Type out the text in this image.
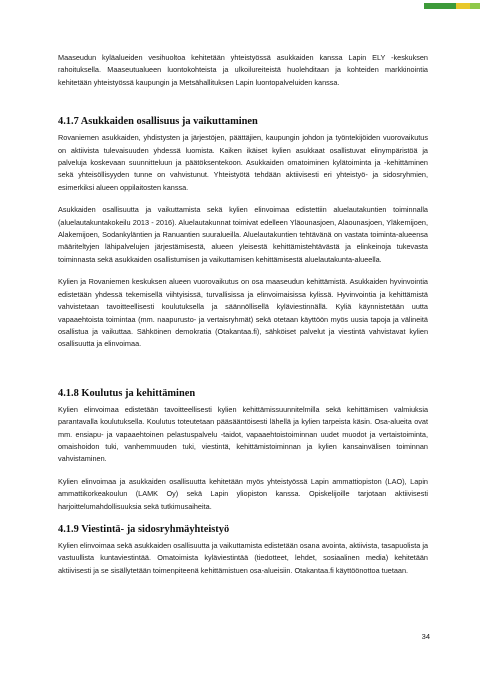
Maaseudun kyläalueiden vesihuoltoa kehitetään yhteistyössä asukkaiden kanssa Lapin ELY -keskuksen rahoituksella. Maaseutualueen luontokohteista ja ulkoilureiteistä huolehditaan ja kohteiden markkinointia kehitetään yhteistyössä kaupungin ja Metsähallituksen Lapin luontopalveluiden kanssa.

4.1.7 Asukkaiden osallisuus ja vaikuttaminen

Rovaniemen asukkaiden, yhdistysten ja järjestöjen, päättäjien, kaupungin johdon ja työntekijöiden vuorovaikutus on aktiivista tulevaisuuden yhdessä luomista. Kaiken ikäiset kylien asukkaat osallistuvat elinympäristöä ja palveluja koskevaan suunnitteluun ja päätöksentekoon. Asukkaiden omatoiminen kylätoiminta ja -kehittäminen sekä yhteisöllisyyden tunne on vahvistunut. Yhteistyötä tehdään aktiivisesti eri yhteistyö- ja sidosryhmien, esimerkiksi alueen oppilaitosten kanssa.

Asukkaiden osallisuutta ja vaikuttamista sekä kylien elinvoimaa edistettiin aluelautakuntien toiminnalla (aluelautakuntakokeilu 2013 - 2016). Aluelautakunnat toimivat edelleen Yläounasjoen, Alaounasjoen, Yläkemijoen, Alakemijoen, Sodankyläntien ja Ranuantien suuralueilla. Aluelautakuntien tehtävänä on vastata toiminta-alueensa määriteltyjen lähipalvelujen järjestämisestä, alueen yleisestä kehittämistehtävästä ja elinkeinoja tukevasta toiminnasta sekä asukkaiden osallistumisen ja vaikuttamisen kehittämisestä aluelautakunta-alueella.

Kylien ja Rovaniemen keskuksen alueen vuorovaikutus on osa maaseudun kehittämistä. Asukkaiden hyvinvointia edistetään yhdessä tekemisellä viihtyisissä, turvallisissa ja elinvoimaisissa kylissä. Hyvinvointia ja kehittämistä vahvistetaan tavoitteellisesti koulutuksella ja säännöllisellä kyläviestinnällä. Kyliä käynnistetään uutta vapaaehtoista toimintaa (mm. naapurusto- ja vertaisryhmät) sekä otetaan käyttöön myös uusia tapoja ja välineitä osallistua ja vaikuttaa. Sähköinen demokratia (Otakantaa.fi), sähköiset palvelut ja viestintä vahvistavat kylien osallisuutta ja elinvoimaa.

4.1.8 Koulutus ja kehittäminen

Kylien elinvoimaa edistetään tavoitteellisesti kylien kehittämissuunnitelmilla sekä kehittämisen valmiuksia parantavalla koulutuksella. Koulutus toteutetaan pääsääntöisesti lähellä ja kylien tarpeista käsin. Osa-alueita ovat mm. ensiapu- ja vapaaehtoinen pelastuspalvelu -taidot, vapaaehtoistoiminnan uudet muodot ja vertaistoiminta, omaishoidon tuki, vanhemmuuden tuki, viestintä, kehittämistoiminnan ja kylien kansainvälisen toiminnan vahvistaminen.

Kylien elinvoimaa ja asukkaiden osallisuutta kehitetään myös yhteistyössä Lapin ammattiopiston (LAO), Lapin ammattikorkeakoulun (LAMK Oy) sekä Lapin yliopiston kanssa. Opiskelijoille tarjotaan aktiivisesti harjoittelumahdollisuuksia sekä tutkimusaiheita.

4.1.9 Viestintä- ja sidosryhmäyhteistyö

Kylien elinvoimaa sekä asukkaiden osallisuutta ja vaikuttamista edistetään osana avointa, aktiivista, tasapuolista ja vastuullista kuntaviestintää. Omatoimista kyläviestintää (tiedotteet, lehdet, sosiaalinen media) kehitetään aktiivisesti ja se sisällytetään toimenpiteenä kehittämistuen osa-alueisiin. Otakantaa.fi käyttöönottoa tuetaan.

34
